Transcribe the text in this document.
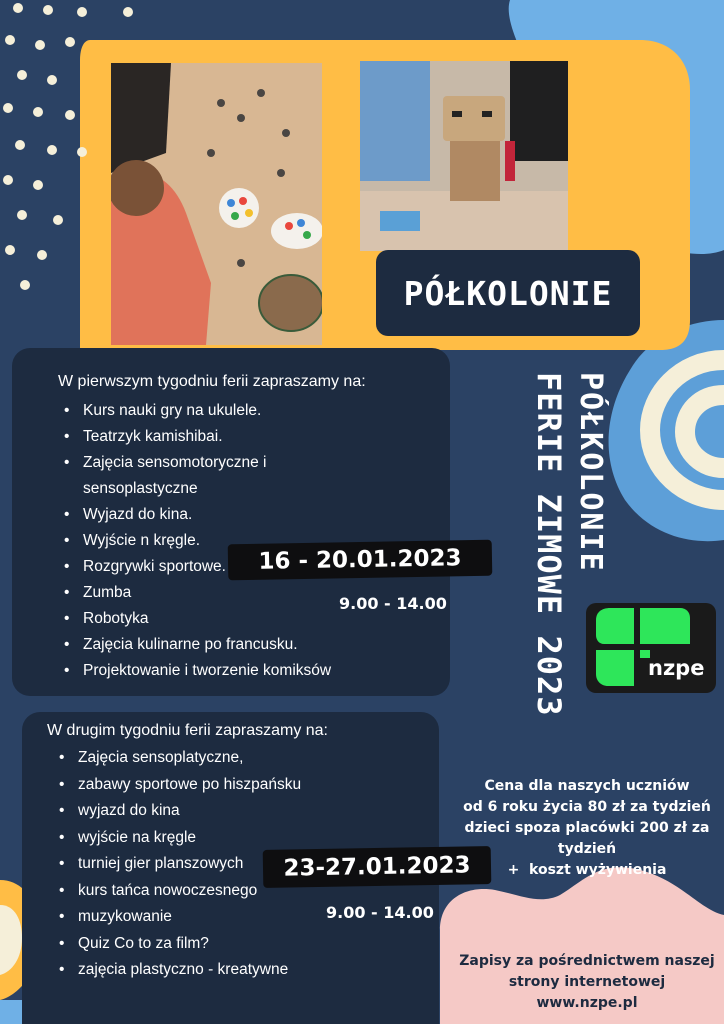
PÓŁKOLONIE
W pierwszym tygodniu ferii zapraszamy na:
• Kurs nauki gry na ukulele.
• Teatrzyk kamishibai.
• Zajęcia sensomotoryczne i sensoplastyczne
• Wyjazd do kina.
• Wyjście n kręgle.
• Rozgrywki sportowe.
• Zumba
• Robotyka
• Zajęcia kulinarne po francusku.
• Projektowanie i tworzenie komiksów
16 - 20.01.2023
9.00 - 14.00
W drugim tygodniu ferii zapraszamy na:
• Zajęcia sensoplatyczne,
• zabawy sportowe po hiszpańsku
• wyjazd do kina
• wyjście na kręgle
• turniej gier planszowych
• kurs tańca nowoczesnego
• muzykowanie
• Quiz Co to za film?
• zajęcia plastyczno - kreatywne
23-27.01.2023
9.00 - 14.00
PÓŁKOLONIE
FERIE ZIMOWE 2023	nzpe
Cena dla naszych uczniów
od 6 roku życia 80 zł za tydzień
dzieci spoza placówki 200 zł za
tydzień
+  koszt wyżywienia
Zapisy za pośrednictwem naszej
strony internetowej
www.nzpe.pl
